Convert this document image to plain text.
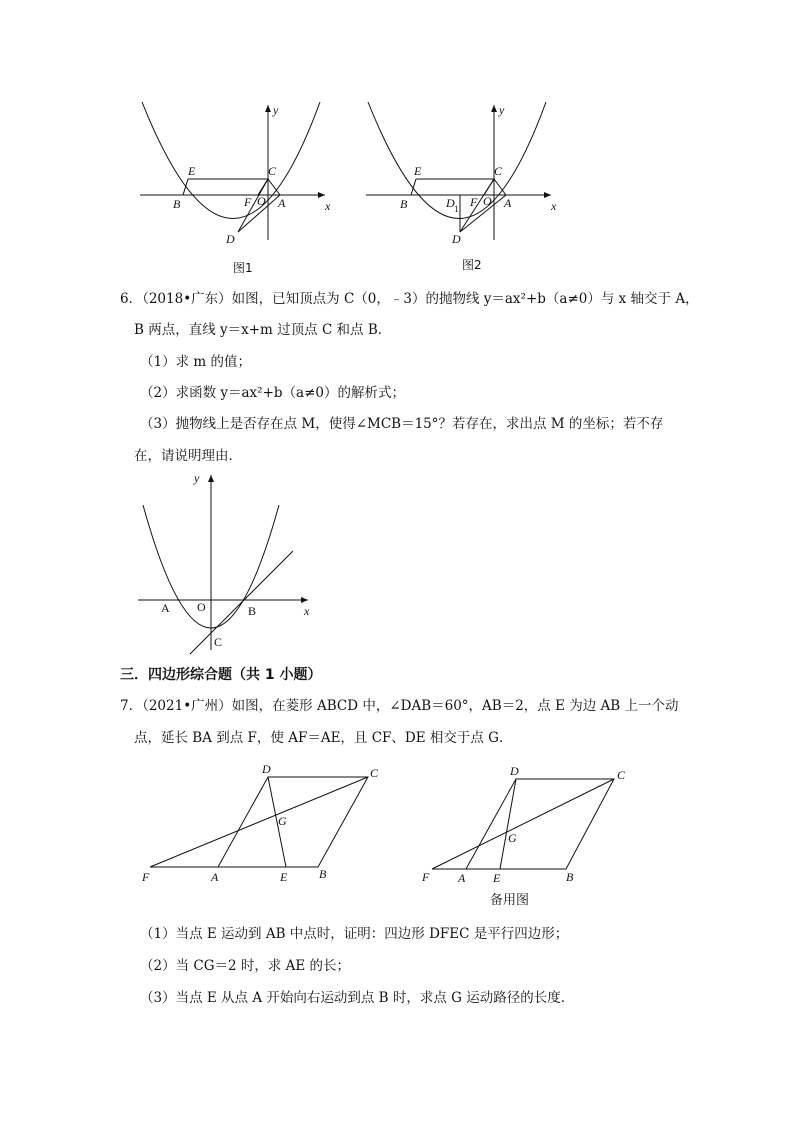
y
x
E	C
B	F O A
D
图1
y
x
E	C
B	D 1 F O A
D
图2
6．（2018•广东）如图，已知顶点为 C（0，﹣3）的抛物线 y＝ax²+b（a≠0）与 x 轴交于 A，
B 两点，直线 y＝x+m 过顶点 C 和点 B．
（1）求 m 的值；
（2）求函数 y＝ax²+b（a≠0）的解析式；
（3）抛物线上是否存在点 M，使得∠MCB＝15°？若存在，求出点 M 的坐标；若不存
在，请说明理由．
y
x
A O	B
C
三．四边形综合题（共 1 小题）
7．（2021•广州）如图，在菱形 ABCD 中，∠DAB＝60°，AB＝2，点 E 为边 AB 上一个动
点，延长 BA 到点 F，使 AF＝AE，且 CF、DE 相交于点 G．
D	C
G
F	A	E	B
D	C
G
F A E	B
备用图
（1）当点 E 运动到 AB 中点时，证明：四边形 DFEC 是平行四边形；
（2）当 CG＝2 时，求 AE 的长；
（3）当点 E 从点 A 开始向右运动到点 B 时，求点 G 运动路径的长度．
